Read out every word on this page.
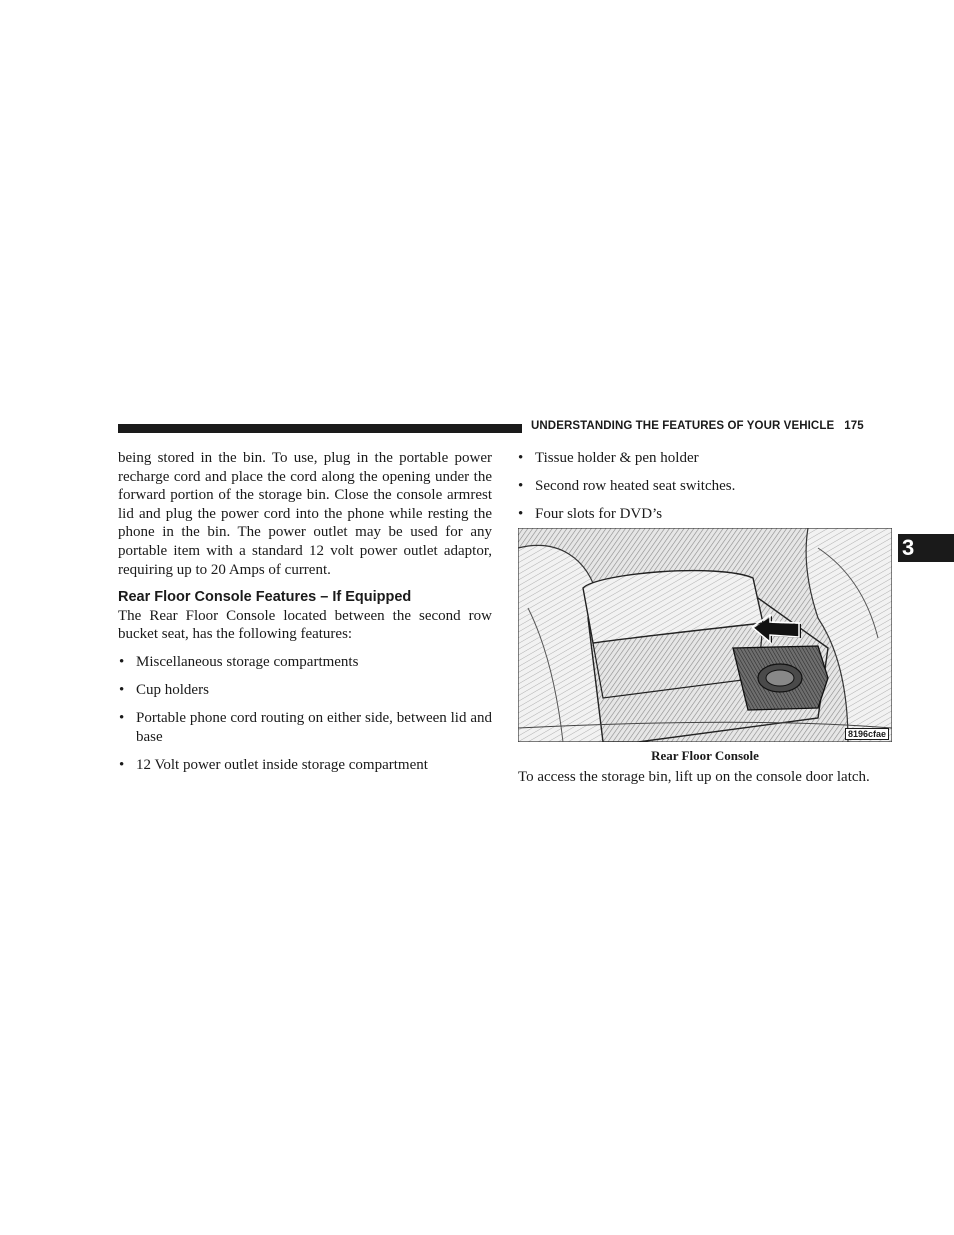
UNDERSTANDING THE FEATURES OF YOUR VEHICLE 175
3

being stored in the bin. To use, plug in the portable power recharge cord and place the cord along the opening under the forward portion of the storage bin. Close the console armrest lid and plug the power cord into the phone while resting the phone in the bin. The power outlet may be used for any portable item with a standard 12 volt power outlet adaptor, requiring up to 20 Amps of current.

Rear Floor Console Features – If Equipped

The Rear Floor Console located between the second row bucket seat, has the following features:

• Miscellaneous storage compartments
• Cup holders
• Portable phone cord routing on either side, between lid and base
• 12 Volt power outlet inside storage compartment
• Tissue holder & pen holder
• Second row heated seat switches.
• Four slots for DVD’s
8196cfae
Rear Floor Console
To access the storage bin, lift up on the console door latch.
